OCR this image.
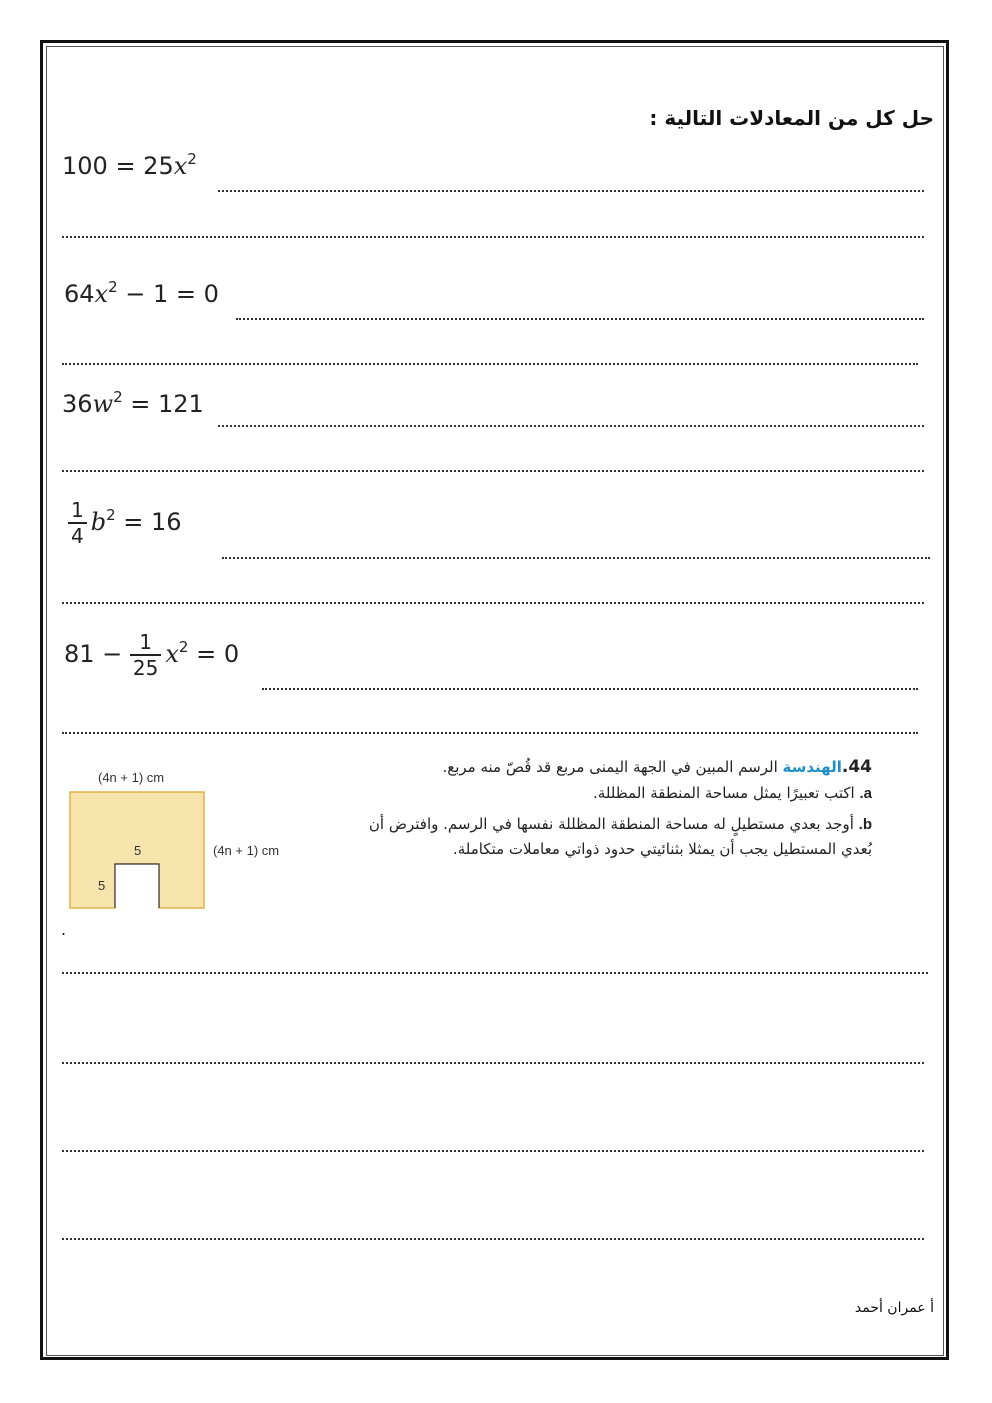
حل كل من المعادلات التالية :
$100 = 25x^2$
$64x^2 - 1 = 0$
$36w^2 = 121$
$\frac{1}{4} b^2 = 16$
$81 - \frac{1}{25} x^2 = 0$
(4n + 1) cm
5
5
(4n + 1) cm

44.الهندسة الرسم المبين في الجهة اليمنى مربع قد قُصّ منه مربع.

a. اكتب تعبيرًا يمثل مساحة المنطقة المظللة.

b. أوجد بعدي مستطيلٍ له مساحة المنطقة المظللة نفسها في الرسم. وافترض أن بُعدي المستطيل يجب أن يمثلا بثنائيتي حدود ذواتي معاملات متكاملة.

.
أ عمران أحمد
